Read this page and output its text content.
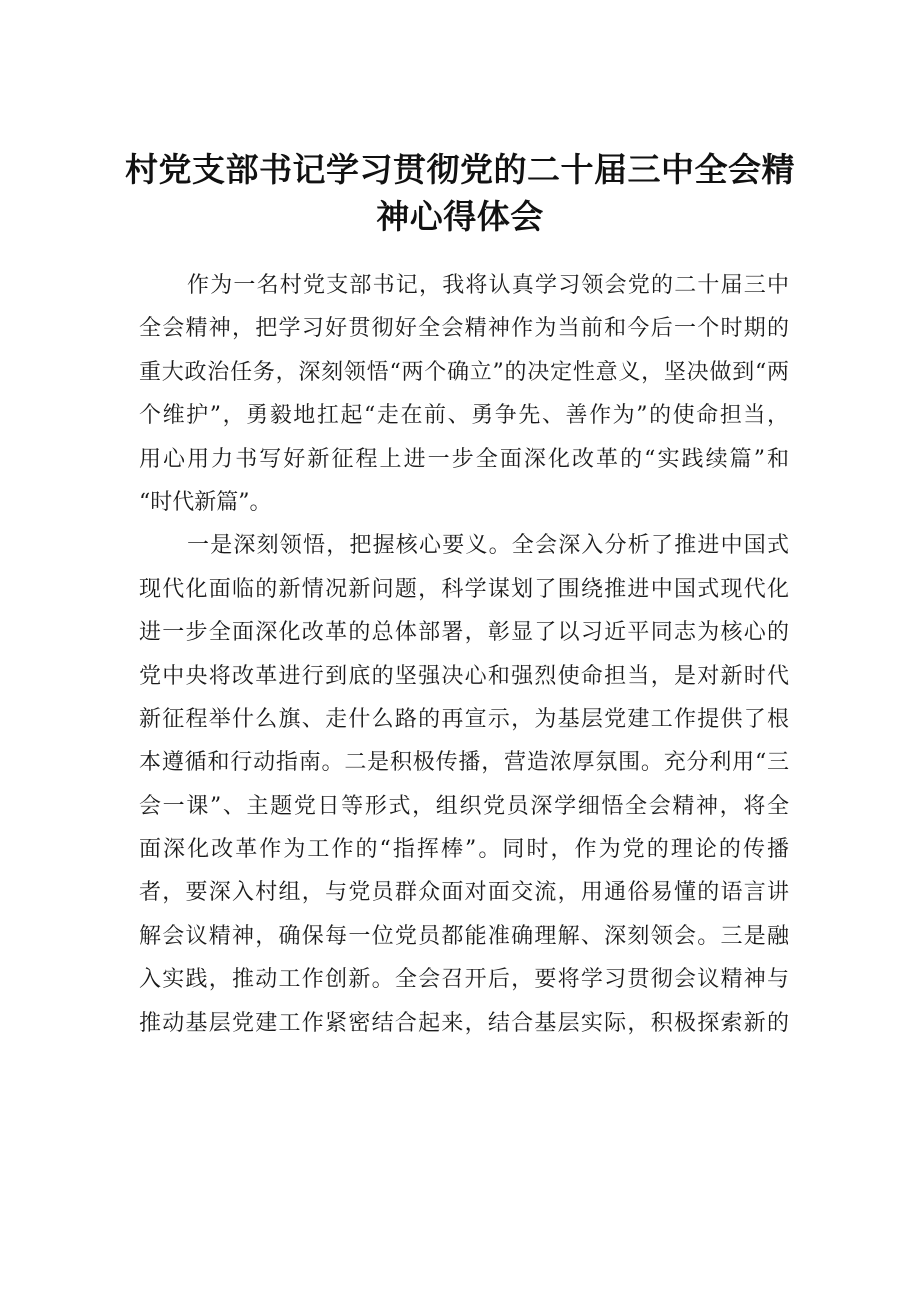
村党支部书记学习贯彻党的二十届三中全会精
神心得体会
作为一名村党支部书记，我将认真学习领会党的二十届三中
全会精神，把学习好贯彻好全会精神作为当前和今后一个时期的
重大政治任务，深刻领悟“两个确立”的决定性意义，坚决做到“两
个维护”，勇毅地扛起“走在前、勇争先、善作为”的使命担当，
用心用力书写好新征程上进一步全面深化改革的“实践续篇”和
“时代新篇”。
一是深刻领悟，把握核心要义。全会深入分析了推进中国式
现代化面临的新情况新问题，科学谋划了围绕推进中国式现代化
进一步全面深化改革的总体部署，彰显了以习近平同志为核心的
党中央将改革进行到底的坚强决心和强烈使命担当，是对新时代
新征程举什么旗、走什么路的再宣示，为基层党建工作提供了根
本遵循和行动指南。二是积极传播，营造浓厚氛围。充分利用“三
会一课”、主题党日等形式，组织党员深学细悟全会精神，将全
面深化改革作为工作的“指挥棒”。同时，作为党的理论的传播
者，要深入村组，与党员群众面对面交流，用通俗易懂的语言讲
解会议精神，确保每一位党员都能准确理解、深刻领会。三是融
入实践，推动工作创新。全会召开后，要将学习贯彻会议精神与
推动基层党建工作紧密结合起来，结合基层实际，积极探索新的
